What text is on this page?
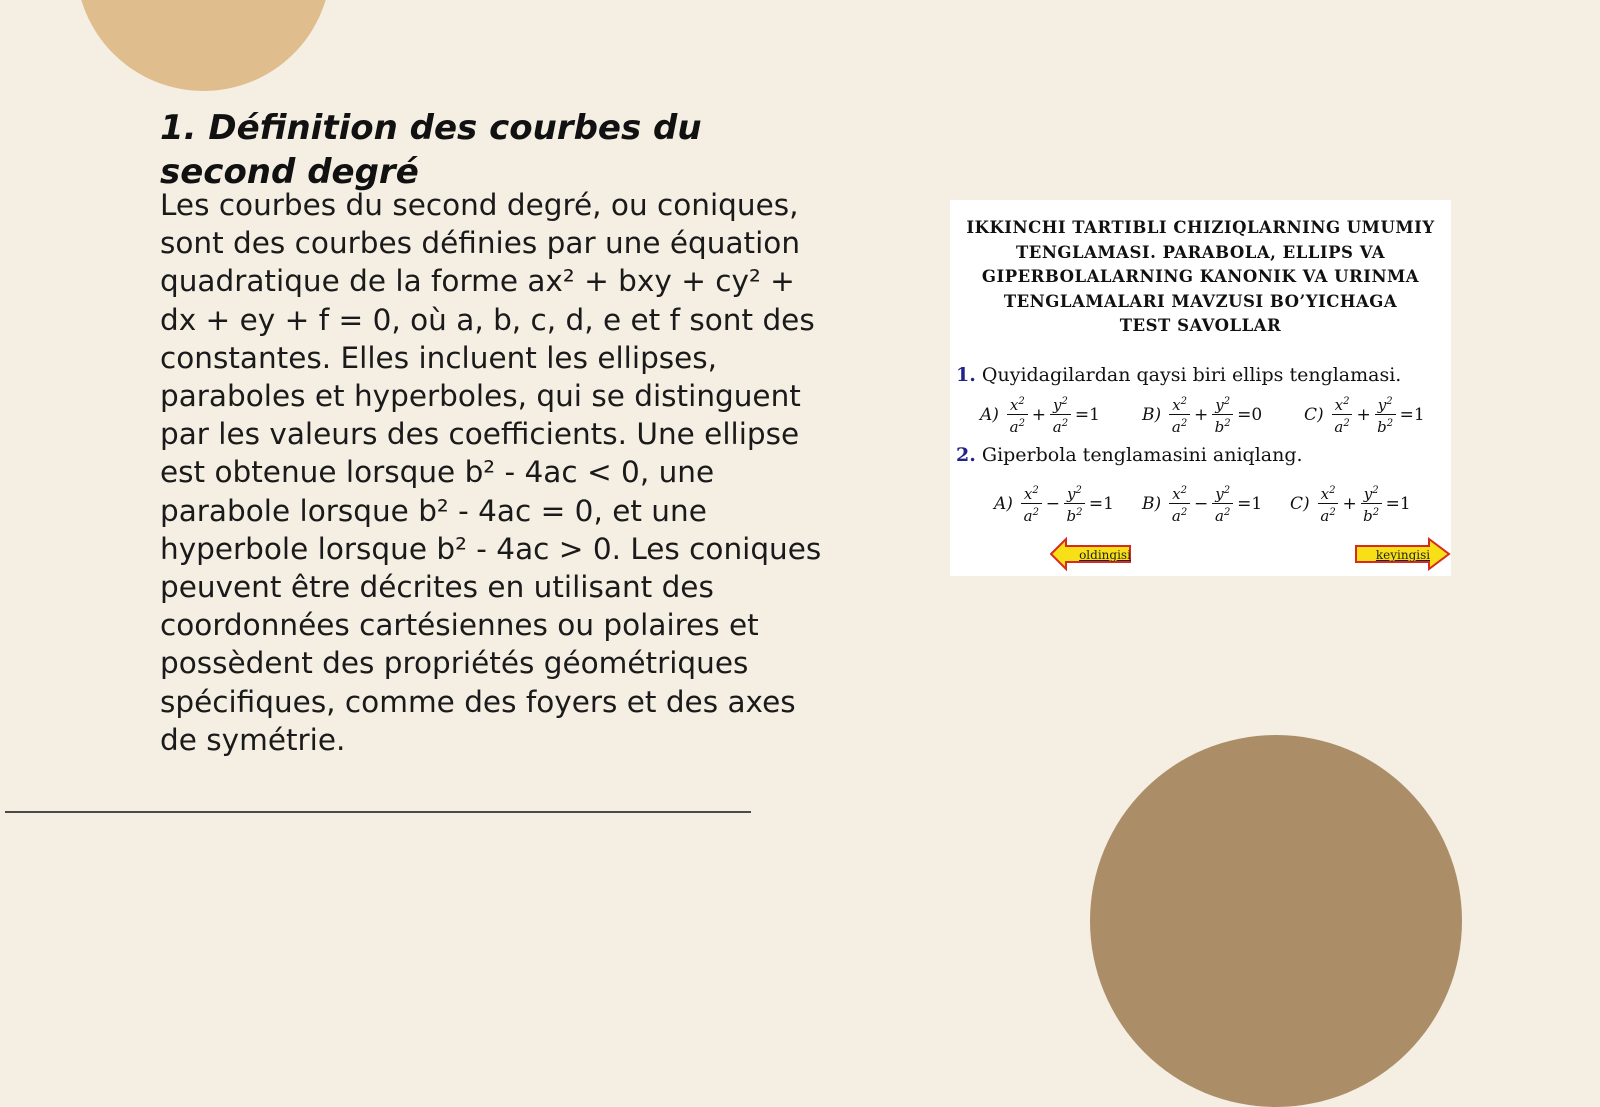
1. Définition des courbes du second degré

Les courbes du second degré, ou coniques, sont des courbes définies par une équation quadratique de la forme ax² + bxy + cy² + dx + ey + f = 0, où a, b, c, d, e et f sont des constantes. Elles incluent les ellipses, paraboles et hyperboles, qui se distinguent par les valeurs des coefficients. Une ellipse est obtenue lorsque b² - 4ac < 0, une parabole lorsque b² - 4ac = 0, et une hyperbole lorsque b² - 4ac > 0. Les coniques peuvent être décrites en utilisant des coordonnées cartésiennes ou polaires et possèdent des propriétés géométriques spécifiques, comme des foyers et des axes de symétrie.

IKKINCHI TARTIBLI CHIZIQLARNING UMUMIY
TENGLAMASI. PARABOLA, ELLIPS VA
GIPERBOLALARNING KANONIK VA URINMA
TENGLAMALARI MAVZUSI BO’YICHAGA
TEST SAVOLLAR
1. Quyidagilardan qaysi biri ellips tenglamasi.
$A) \frac{x^2}{a^2} + \frac{y^2}{a^2} =1$ $B) \frac{x^2}{a^2} + \frac{y^2}{b^2} =0$ $C) \frac{x^2}{a^2} + \frac{y^2}{b^2} =1$
2. Giperbola tenglamasini aniqlang.
$A) \frac{x^2}{a^2} - \frac{y^2}{b^2} =1$ $B) \frac{x^2}{a^2} - \frac{y^2}{a^2} =1$ $C) \frac{x^2}{a^2} + \frac{y^2}{b^2} =1$
oldingisi	keyingisi
